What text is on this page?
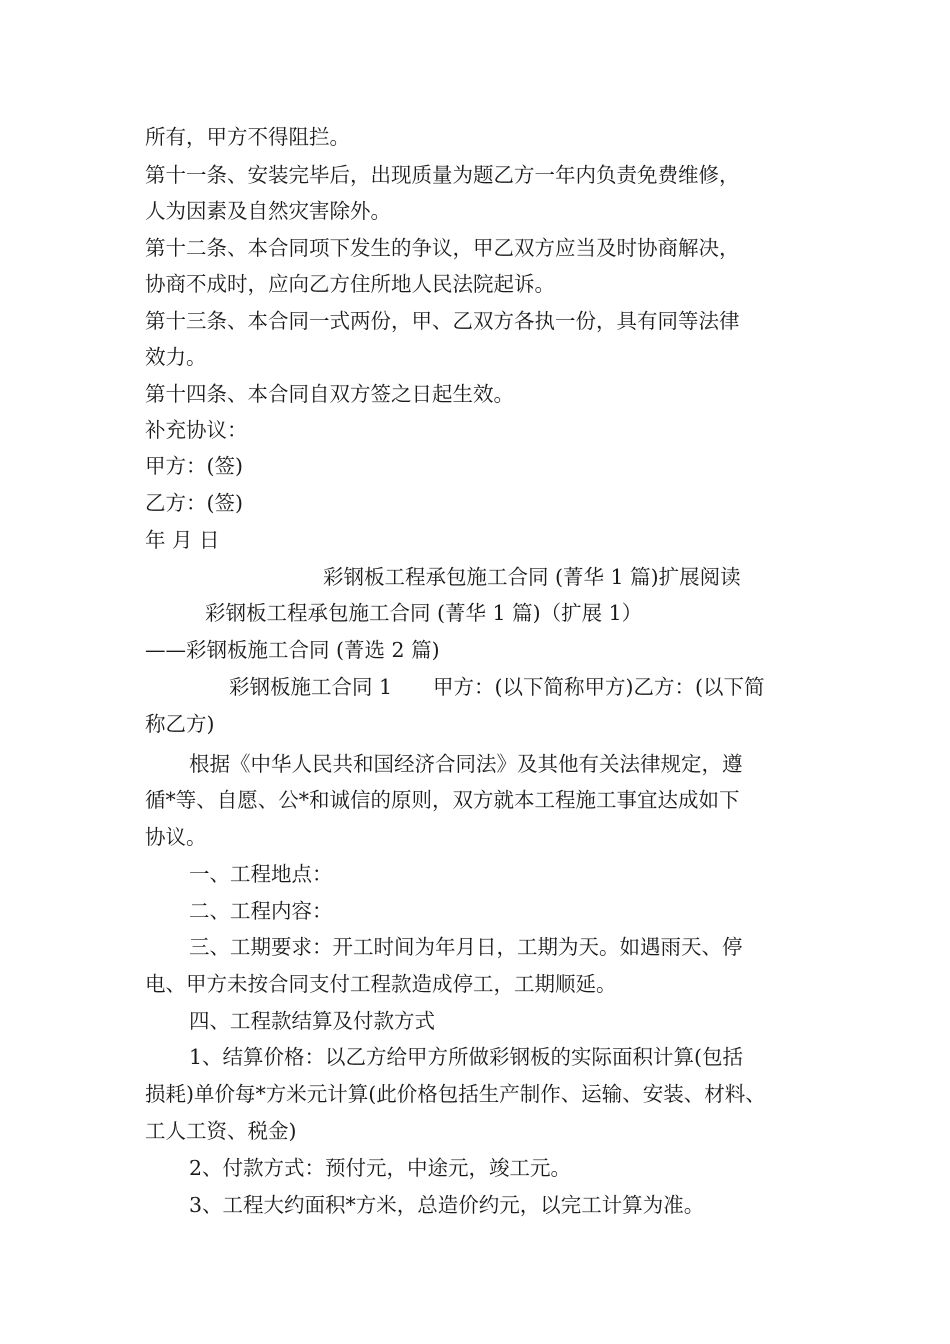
所有，甲方不得阻拦。

第十一条、安装完毕后，出现质量为题乙方一年内负责免费维修，

人为因素及自然灾害除外。

第十二条、本合同项下发生的争议，甲乙双方应当及时协商解决，

协商不成时，应向乙方住所地人民法院起诉。

第十三条、本合同一式两份，甲、乙双方各执一份，具有同等法律

效力。

第十四条、本合同自双方签之日起生效。

补充协议：

甲方：(签)

乙方：(签)

年 月 日

彩钢板工程承包施工合同 (菁华 1 篇)扩展阅读

彩钢板工程承包施工合同 (菁华 1 篇)（扩展 1）

——彩钢板施工合同 (菁选 2 篇)

彩钢板施工合同 1　　甲方：(以下简称甲方)乙方：(以下简

称乙方)

根据《中华人民共和国经济合同法》及其他有关法律规定，遵

循*等、自愿、公*和诚信的原则，双方就本工程施工事宜达成如下

协议。

一、工程地点：

二、工程内容：

三、工期要求：开工时间为年月日，工期为天。如遇雨天、停

电、甲方未按合同支付工程款造成停工，工期顺延。

四、工程款结算及付款方式

1、结算价格：以乙方给甲方所做彩钢板的实际面积计算(包括

损耗)单价每*方米元计算(此价格包括生产制作、运输、安装、材料、

工人工资、税金)

2、付款方式：预付元，中途元，竣工元。

3、工程大约面积*方米，总造价约元，以完工计算为准。
